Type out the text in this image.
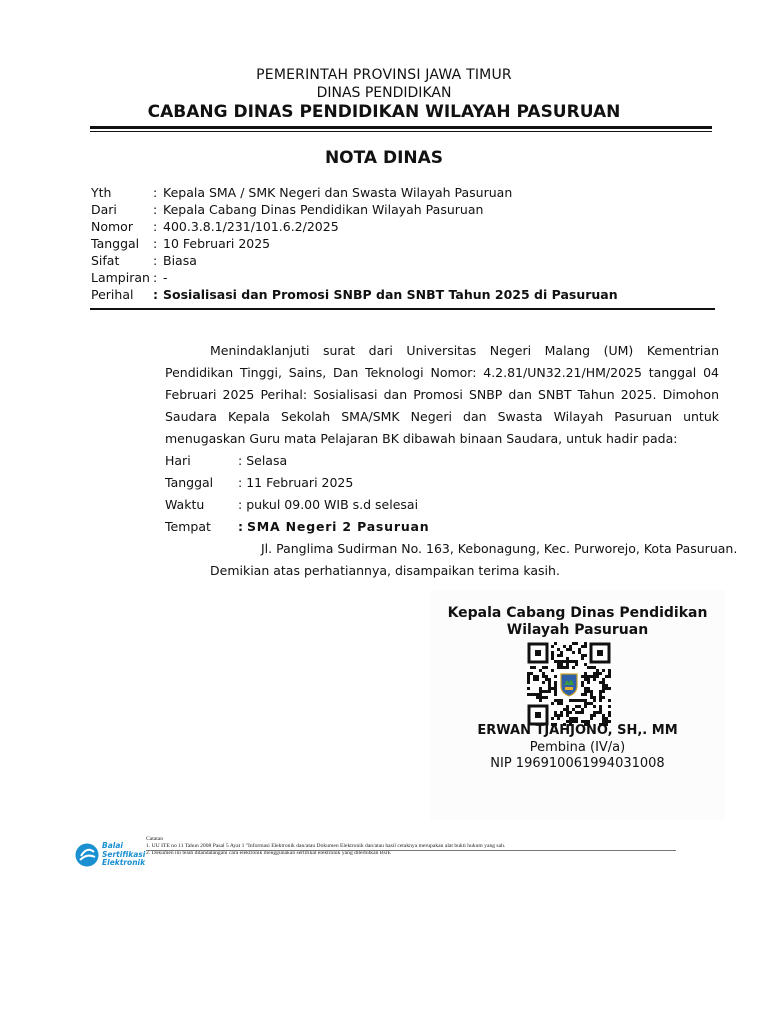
PEMERINTAH PROVINSI JAWA TIMUR
DINAS PENDIDIKAN
CABANG DINAS PENDIDIKAN WILAYAH PASURUAN
NOTA DINAS
Yth	: Kepala SMA / SMK Negeri dan Swasta Wilayah Pasuruan
Dari	: Kepala Cabang Dinas Pendidikan Wilayah Pasuruan
Nomor : 400.3.8.1/231/101.6.2/2025
Tanggal : 10 Februari 2025
Sifat	: Biasa
Lampiran : -
Perihal : Sosialisasi dan Promosi SNBP dan SNBT Tahun 2025 di Pasuruan
Menindaklanjuti surat dari Universitas Negeri Malang (UM) Kementrian Pendidikan Tinggi, Sains, Dan Teknologi Nomor: 4.2.81/UN32.21/HM/2025 tanggal 04 Februari 2025 Perihal: Sosialisasi dan Promosi SNBP dan SNBT Tahun 2025. Dimohon Saudara Kepala Sekolah SMA/SMK Negeri dan Swasta Wilayah Pasuruan untuk menugaskan Guru mata Pelajaran BK dibawah binaan Saudara, untuk hadir pada:
Hari	: Selasa
Tanggal : 11 Februari 2025
Waktu	: pukul 09.00 WIB s.d selesai
Tempat : SMA Negeri 2 Pasuruan
Jl. Panglima Sudirman No. 163, Kebonagung, Kec. Purworejo, Kota Pasuruan.
Demikian atas perhatiannya, disampaikan terima kasih.
Kepala Cabang Dinas Pendidikan
Wilayah Pasuruan
ERWAN TJAHJONO, SH,. MM
Pembina (IV/a)
NIP 196910061994031008
Balai
Sertifikasi
Elektronik
Catatan
1. UU ITE no 11 Tahun 2008 Pasal 5 Ayat 1 "Informasi Elektronik dan/atau Dokumen Elektronik dan/atau hasil cetaknya merupakan alat bukti hukum yang sah.
2. Dokumen ini telah ditandatangani cara elektronik menggunakan sertifikat elektronik yang diterbitkan BsrE
